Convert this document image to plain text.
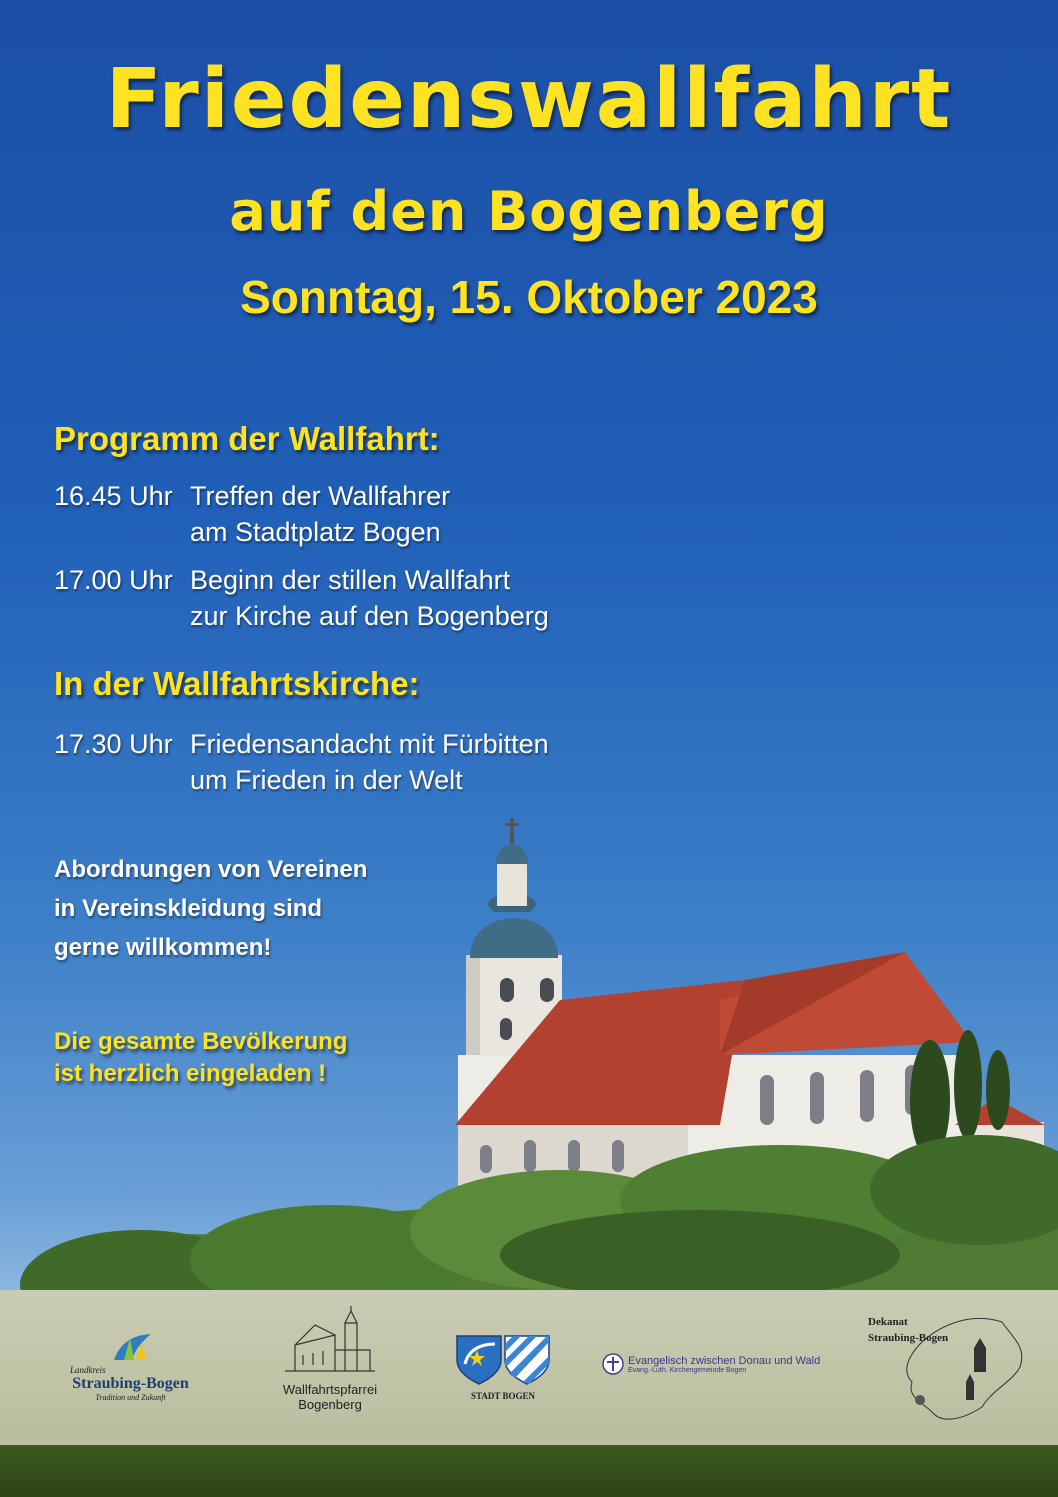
Friedenswallfahrt
auf den Bogenberg
Sonntag, 15. Oktober 2023
Programm der Wallfahrt:
16.45 Uhr Treffen der Wallfahrer
am Stadtplatz Bogen
17.00 Uhr Beginn der stillen Wallfahrt
zur Kirche auf den Bogenberg
In der Wallfahrtskirche:
17.30 Uhr Friedensandacht mit Fürbitten
um Frieden in der Welt
Abordnungen von Vereinen
in Vereinskleidung sind
gerne willkommen!
Die gesamte Bevölkerung
ist herzlich eingeladen !
Landkreis
Straubing-Bogen
Tradition und Zukunft
Wallfahrtspfarrei
Bogenberg
STADT BOGEN
Evangelisch zwischen Donau und Wald
Evang.-Luth. Kirchengemeinde Bogen
Dekanat
Straubing-Bogen
